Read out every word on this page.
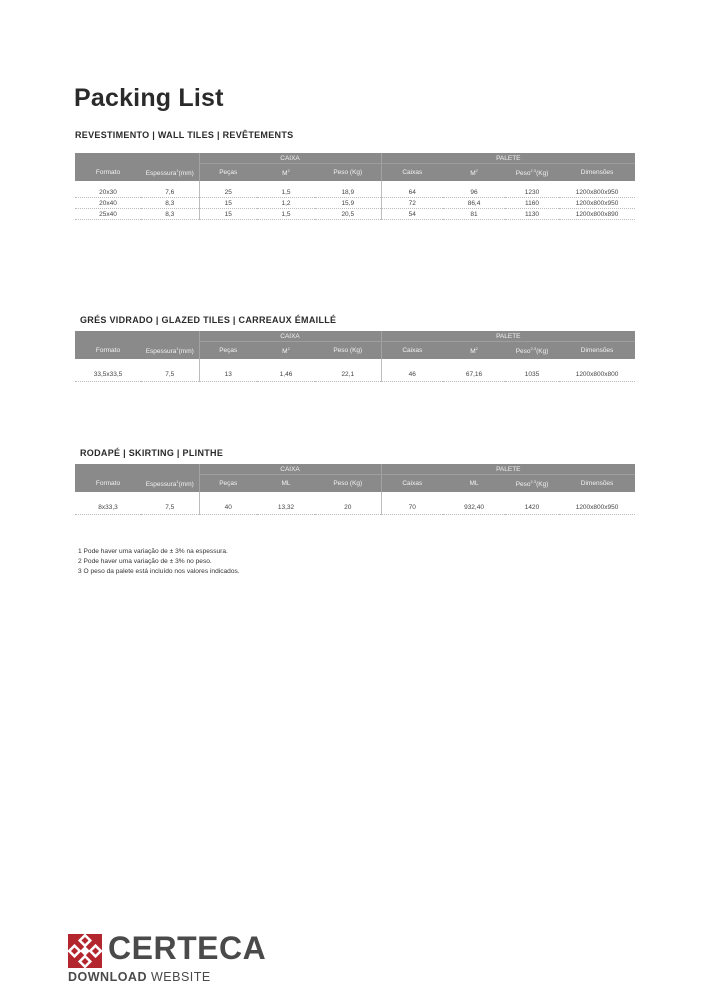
Packing List
REVESTIMENTO | WALL TILES | REVÊTEMENTS
		CAIXA			PALETE			
Formato	Espessura$^1$(mm)	Peças	$M^2$	Peso (Kg)	Caixas	$M^2$	Peso$^{2,3}$(Kg)	Dimensões

20x30	7,6	25	1,5	18,9	64	96	1230	1200x800x950
20x40	8,3	15	1,2	15,9	72	86,4	1160	1200x800x950
25x40	8,3	15	1,5	20,5	54	81	1130	1200x800x890
GRÉS VIDRADO | GLAZED TILES | CARREAUX ÉMAILLÉ
		CAIXA			PALETE			
Formato	Espessura$^1$(mm)	Peças	$M^2$	Peso (Kg)	Caixas	$M^2$	Peso$^{2,3}$(Kg)	Dimensões

33,5x33,5	7,5	13	1,46	22,1	46	67,16	1035	1200x800x800
RODAPÉ | SKIRTING | PLINTHE
		CAIXA			PALETE			
Formato	Espessura$^1$(mm)	Peças	ML	Peso (Kg)	Caixas	ML	Peso$^{2,3}$(Kg)	Dimensões

8x33,3	7,5	40	13,32	20	70	932,40	1420	1200x800x950
1 Pode haver uma variação de ± 3% na espessura.
2 Pode haver uma variação de ± 3% no peso.
3 O peso da palete está incluído nos valores indicados.
CERTECA
DOWNLOAD WEBSITE
